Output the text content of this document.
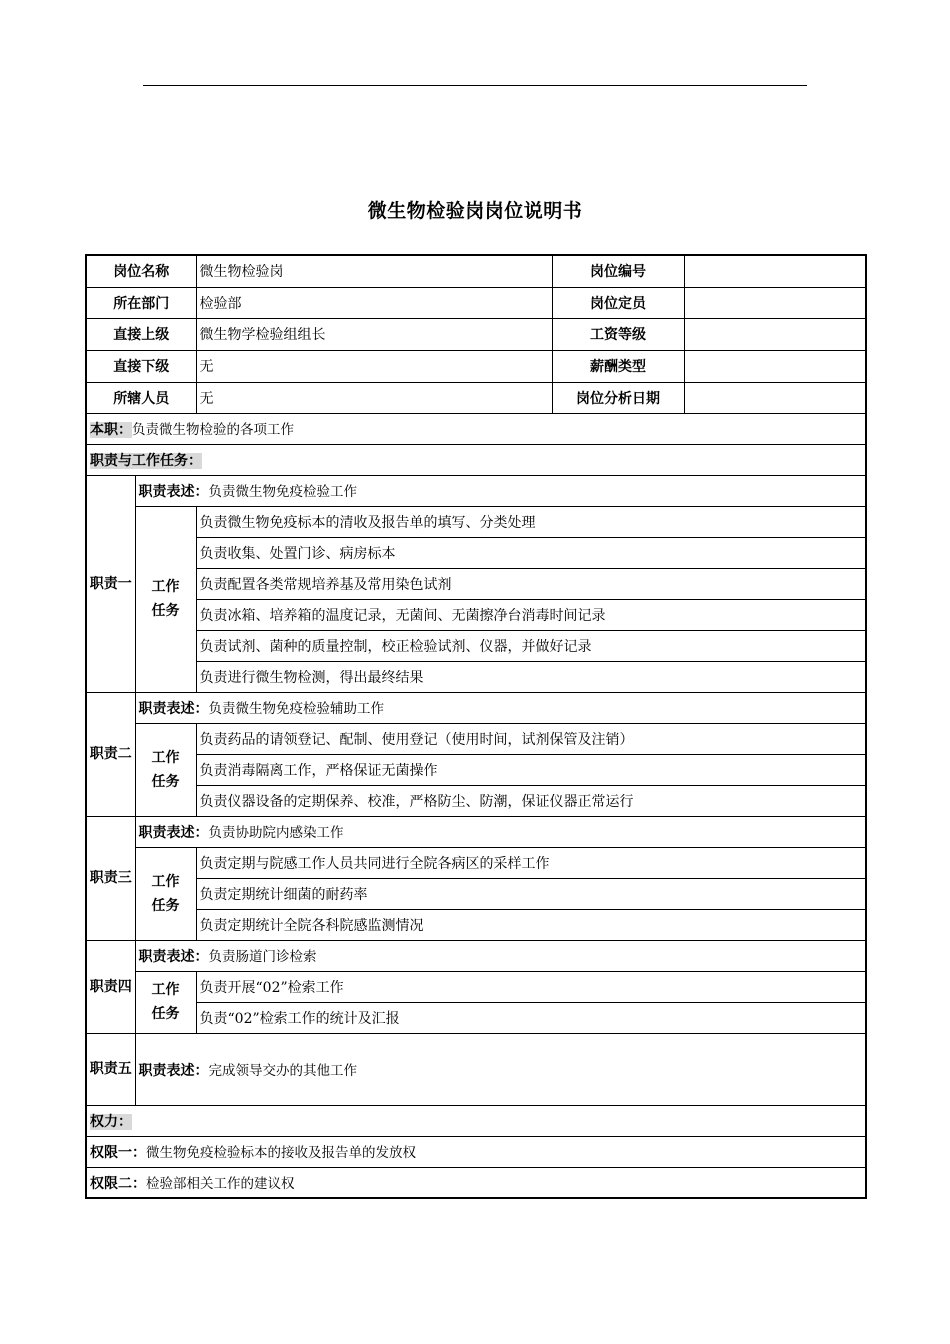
微生物检验岗岗位说明书
岗位名称		微生物检验岗	岗位编号	
所在部门		检验部	岗位定员	
直接上级		微生物学检验组组长	工资等级	
直接下级		无	薪酬类型	
所辖人员		无	岗位分析日期	
本职：负责微生物检验的各项工作				
职责与工作任务：				
职责一	职责表述：负责微生物免疫检验工作			
	工作任务	负责微生物免疫标本的清收及报告单的填写、分类处理		
		负责收集、处置门诊、病房标本		
		负责配置各类常规培养基及常用染色试剂		
		负责冰箱、培养箱的温度记录，无菌间、无菌擦净台消毒时间记录		
		负责试剂、菌种的质量控制，校正检验试剂、仪器，并做好记录		
		负责进行微生物检测，得出最终结果		
职责二	职责表述：负责微生物免疫检验辅助工作			
	工作任务	负责药品的请领登记、配制、使用登记（使用时间，试剂保管及注销）		
		负责消毒隔离工作，严格保证无菌操作		
		负责仪器设备的定期保养、校准，严格防尘、防潮，保证仪器正常运行		
职责三	职责表述：负责协助院内感染工作			
	工作任务	负责定期与院感工作人员共同进行全院各病区的采样工作		
		负责定期统计细菌的耐药率		
		负责定期统计全院各科院感监测情况		
职责四	职责表述：负责肠道门诊检索			
	工作任务	负责开展“02”检索工作		
		负责“02”检索工作的统计及汇报		
职责五	职责表述：完成领导交办的其他工作			
权力：				
权限一：微生物免疫检验标本的接收及报告单的发放权				
权限二：检验部相关工作的建议权				
